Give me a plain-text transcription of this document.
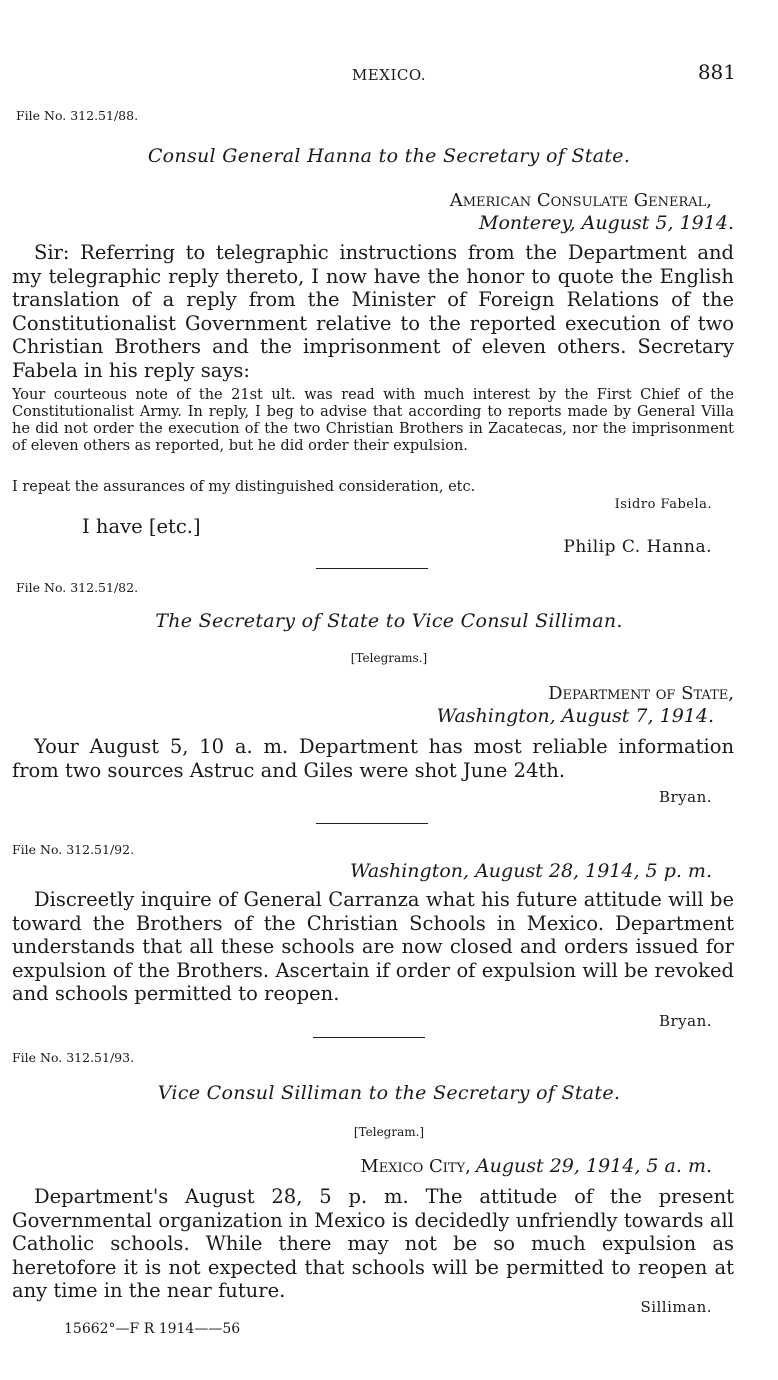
MEXICO.	881
File No. 312.51/88.
Consul General Hanna to the Secretary of State.
American Consulate General,
Monterey, August 5, 1914.

Sir: Referring to telegraphic instructions from the Department and my telegraphic reply thereto, I now have the honor to quote the English translation of a reply from the Minister of Foreign Relations of the Constitutionalist Government relative to the reported execution of two Christian Brothers and the imprisonment of eleven others. Secretary Fabela in his reply says:

Your courteous note of the 21st ult. was read with much interest by the First Chief of the Constitutionalist Army. In reply, I beg to advise that according to reports made by General Villa he did not order the execution of the two Christian Brothers in Zacatecas, nor the imprisonment of eleven others as reported, but he did order their expulsion.

I repeat the assurances of my distinguished consideration, etc.

Isidro Fabela.
I have [etc.]
Philip C. Hanna.
File No. 312.51/82.
The Secretary of State to Vice Consul Silliman.
[Telegrams.]
Department of State,
Washington, August 7, 1914.

Your August 5, 10 a. m. Department has most reliable information from two sources Astruc and Giles were shot June 24th.

Bryan.
File No. 312.51/92.
Washington, August 28, 1914, 5 p. m.

Discreetly inquire of General Carranza what his future attitude will be toward the Brothers of the Christian Schools in Mexico. Department understands that all these schools are now closed and orders issued for expulsion of the Brothers. Ascertain if order of expulsion will be revoked and schools permitted to reopen.

Bryan.
File No. 312.51/93.
Vice Consul Silliman to the Secretary of State.
[Telegram.]
Mexico City, August 29, 1914, 5 a. m.

Department's August 28, 5 p. m. The attitude of the present Governmental organization in Mexico is decidedly unfriendly towards all Catholic schools. While there may not be so much expulsion as heretofore it is not expected that schools will be permitted to reopen at any time in the near future.

Silliman.
15662°—F R 1914——56
